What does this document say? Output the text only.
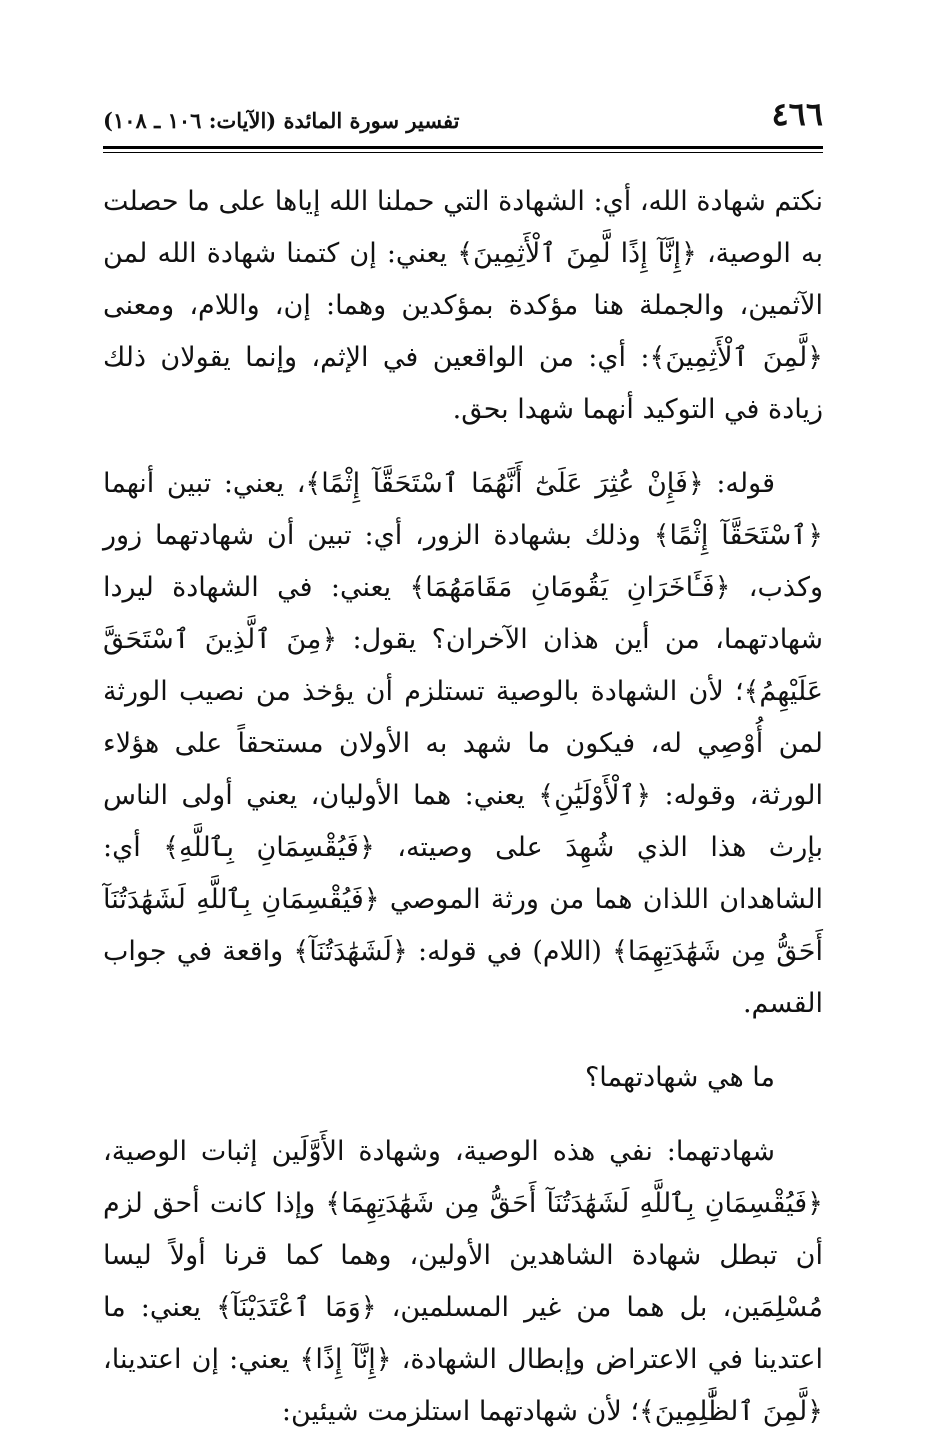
٤٦٦
تفسير سورة المائدة (الآيات: ١٠٦ ـ ١٠٨)

نكتم شهادة الله، أي: الشهادة التي حملنا الله إياها على ما حصلت به الوصية، ﴿إِنَّآ إِذًا لَّمِنَ ٱلْأَثِمِينَ﴾ يعني: إن كتمنا شهادة الله لمن الآثمين، والجملة هنا مؤكدة بمؤكدين وهما: إن، واللام، ومعنى ﴿لَّمِنَ ٱلْأَثِمِينَ﴾: أي: من الواقعين في الإثم، وإنما يقولان ذلك زيادة في التوكيد أنهما شهدا بحق.

قوله: ﴿فَإِنْ عُثِرَ عَلَىٰٓ أَنَّهُمَا ٱسْتَحَقَّآ إِثْمًا﴾، يعني: تبين أنهما ﴿ٱسْتَحَقَّآ إِثْمًا﴾ وذلك بشهادة الزور، أي: تبين أن شهادتهما زور وكذب، ﴿فَـَٔاخَرَانِ يَقُومَانِ مَقَامَهُمَا﴾ يعني: في الشهادة ليردا شهادتهما، من أين هذان الآخران؟ يقول: ﴿مِنَ ٱلَّذِينَ ٱسْتَحَقَّ عَلَيْهِمُ﴾؛ لأن الشهادة بالوصية تستلزم أن يؤخذ من نصيب الورثة لمن أُوْصِي له، فيكون ما شهد به الأولان مستحقاً على هؤلاء الورثة، وقوله: ﴿ٱلْأَوْلَيَٰنِ﴾ يعني: هما الأوليان، يعني أولى الناس بإرث هذا الذي شُهِدَ على وصيته، ﴿فَيُقْسِمَانِ بِٱللَّهِ﴾ أي: الشاهدان اللذان هما من ورثة الموصي ﴿فَيُقْسِمَانِ بِٱللَّهِ لَشَهَٰدَتُنَآ أَحَقُّ مِن شَهَٰدَتِهِمَا﴾ (اللام) في قوله: ﴿لَشَهَٰدَتُنَآ﴾ واقعة في جواب القسم.

ما هي شهادتهما؟

شهادتهما: نفي هذه الوصية، وشهادة الأَوَّلَين إثبات الوصية، ﴿فَيُقْسِمَانِ بِٱللَّهِ لَشَهَٰدَتُنَآ أَحَقُّ مِن شَهَٰدَتِهِمَا﴾ وإذا كانت أحق لزم أن تبطل شهادة الشاهدين الأولين، وهما كما قرنا أولاً ليسا مُسْلِمَين، بل هما من غير المسلمين، ﴿وَمَا ٱعْتَدَيْنَآ﴾ يعني: ما اعتدينا في الاعتراض وإبطال الشهادة، ﴿إِنَّآ إِذًا﴾ يعني: إن اعتدينا، ﴿لَّمِنَ ٱلظَّٰلِمِينَ﴾؛ لأن شهادتهما استلزمت شيئين:
